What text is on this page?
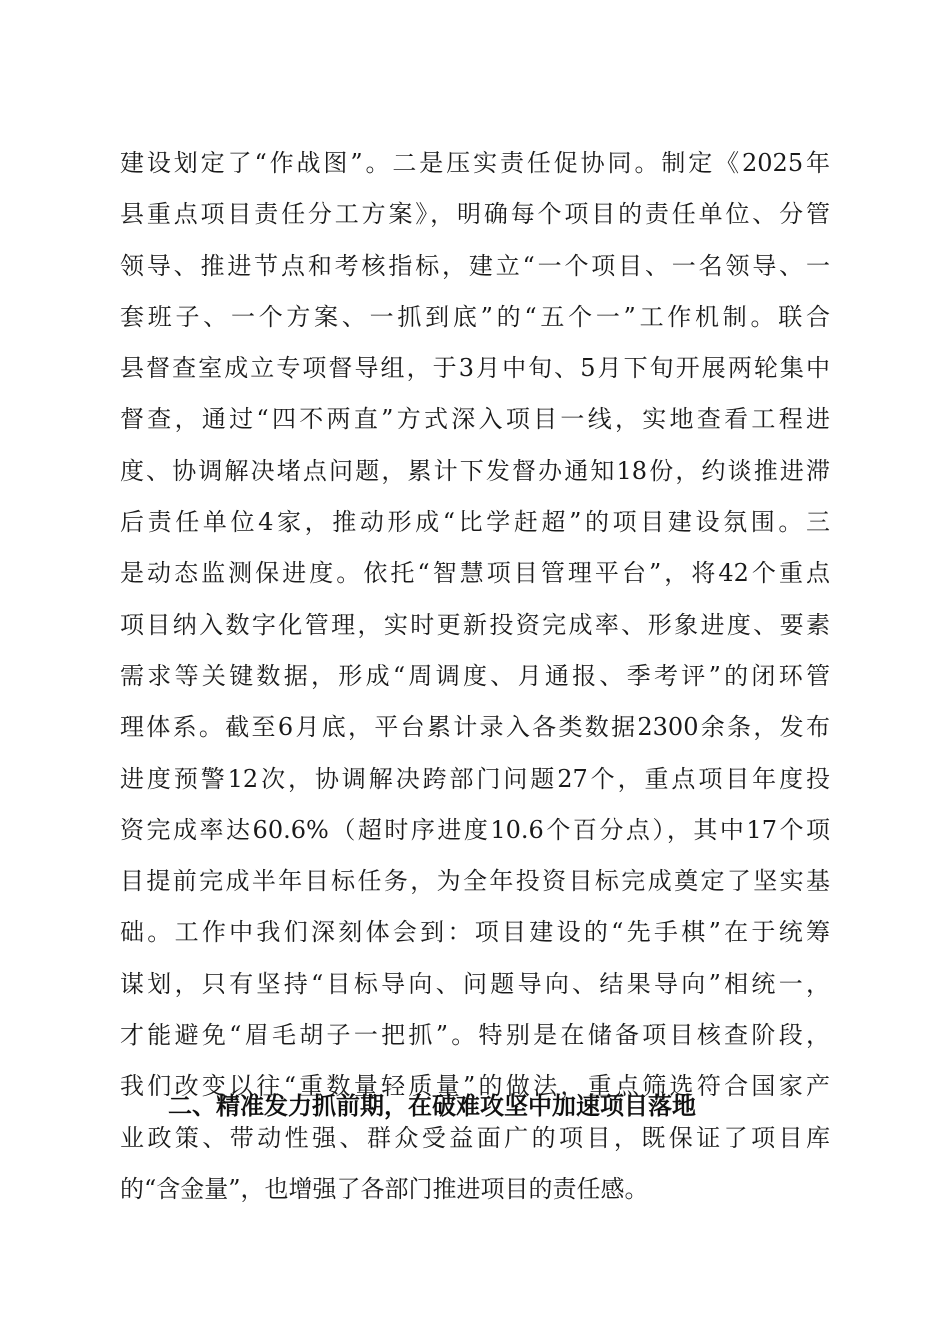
建设划定了“作战图”。二是压实责任促协同。制定《2025年
县重点项目责任分工方案》，明确每个项目的责任单位、分管
领导、推进节点和考核指标，建立“一个项目、一名领导、一
套班子、一个方案、一抓到底”的“五个一”工作机制。联合
县督查室成立专项督导组，于3月中旬、5月下旬开展两轮集中
督查，通过“四不两直”方式深入项目一线，实地查看工程进
度、协调解决堵点问题，累计下发督办通知18份，约谈推进滞
后责任单位4家，推动形成“比学赶超”的项目建设氛围。三
是动态监测保进度。依托“智慧项目管理平台”，将42个重点
项目纳入数字化管理，实时更新投资完成率、形象进度、要素
需求等关键数据，形成“周调度、月通报、季考评”的闭环管
理体系。截至6月底，平台累计录入各类数据2300余条，发布
进度预警12次，协调解决跨部门问题27个，重点项目年度投
资完成率达60.6%（超时序进度10.6个百分点），其中17个项
目提前完成半年目标任务，为全年投资目标完成奠定了坚实基
础。工作中我们深刻体会到：项目建设的“先手棋”在于统筹
谋划，只有坚持“目标导向、问题导向、结果导向”相统一，
才能避免“眉毛胡子一把抓”。特别是在储备项目核查阶段，
我们改变以往“重数量轻质量”的做法，重点筛选符合国家产
业政策、带动性强、群众受益面广的项目，既保证了项目库
的“含金量”，也增强了各部门推进项目的责任感。
二、精准发力抓前期，在破难攻坚中加速项目落地
